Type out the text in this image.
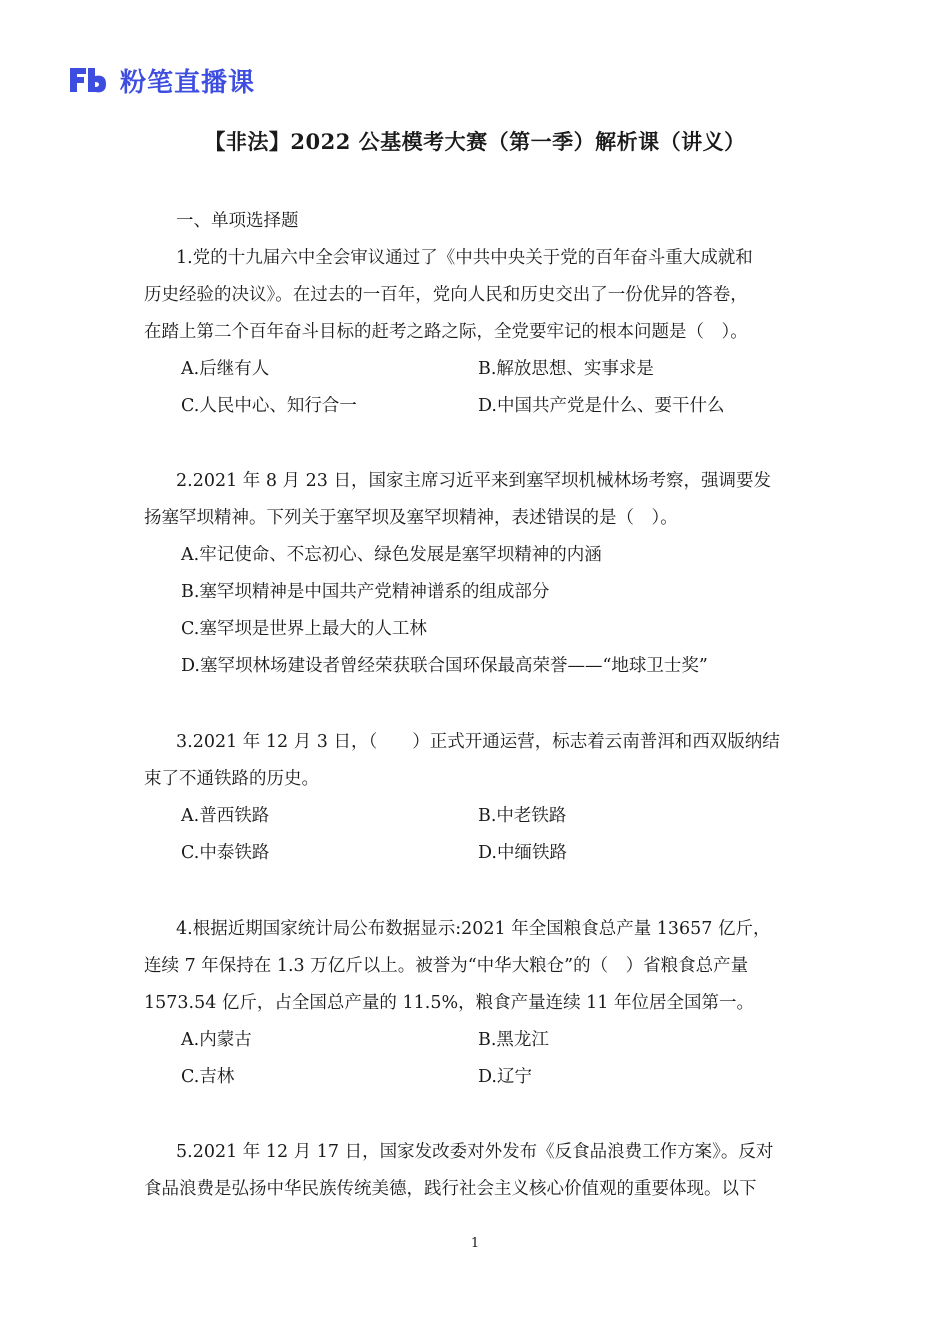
粉笔直播课
【非法】2022 公基模考大赛（第一季）解析课（讲义）
一、单项选择题
1.党的十九届六中全会审议通过了《中共中央关于党的百年奋斗重大成就和
历史经验的决议》。在过去的一百年，党向人民和历史交出了一份优异的答卷，
在踏上第二个百年奋斗目标的赶考之路之际，全党要牢记的根本问题是（　）。
A.后继有人	B.解放思想、实事求是
C.人民中心、知行合一	D.中国共产党是什么、要干什么
2.2021 年 8 月 23 日，国家主席习近平来到塞罕坝机械林场考察，强调要发
扬塞罕坝精神。下列关于塞罕坝及塞罕坝精神，表述错误的是（　）。
A.牢记使命、不忘初心、绿色发展是塞罕坝精神的内涵
B.塞罕坝精神是中国共产党精神谱系的组成部分
C.塞罕坝是世界上最大的人工林
D.塞罕坝林场建设者曾经荣获联合国环保最高荣誉——“地球卫士奖”
3.2021 年 12 月 3 日，（　　）正式开通运营，标志着云南普洱和西双版纳结
束了不通铁路的历史。
A.普西铁路	B.中老铁路
C.中泰铁路	D.中缅铁路
4.根据近期国家统计局公布数据显示:2021 年全国粮食总产量 13657 亿斤，
连续 7 年保持在 1.3 万亿斤以上。被誉为“中华大粮仓”的（　）省粮食总产量
1573.54 亿斤，占全国总产量的 11.5%，粮食产量连续 11 年位居全国第一。
A.内蒙古	B.黑龙江
C.吉林	D.辽宁
5.2021 年 12 月 17 日，国家发改委对外发布《反食品浪费工作方案》。反对
食品浪费是弘扬中华民族传统美德，践行社会主义核心价值观的重要体现。以下
1
